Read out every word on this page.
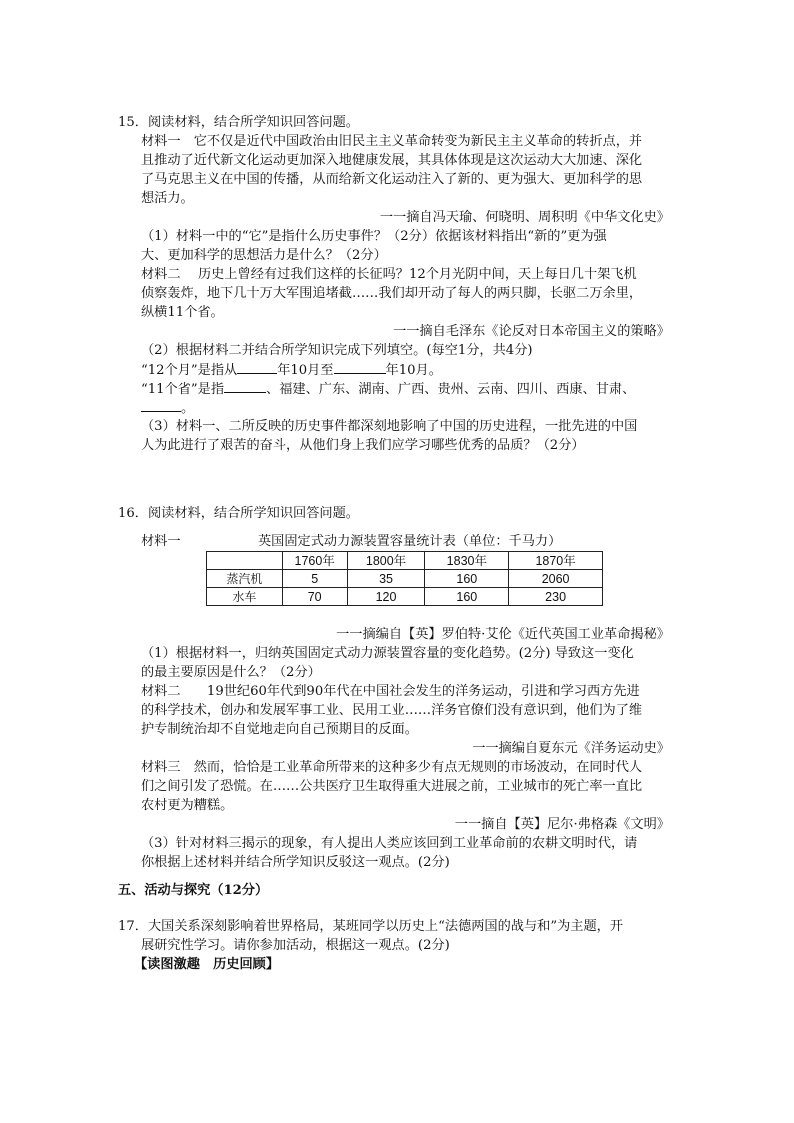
15．阅读材料，结合所学知识回答问题。
材料一　它不仅是近代中国政治由旧民主主义革命转变为新民主主义革命的转折点，并
且推动了近代新文化运动更加深入地健康发展，其具体体现是这次运动大大加速、深化
了马克思主义在中国的传播，从而给新文化运动注入了新的、更为强大、更加科学的思
想活力。
一一摘自冯天瑜、何晓明、周积明《中华文化史》
（1）材料一中的“它”是指什么历史事件？（2分）依据该材料指出“新的”更为强
大、更加科学的思想活力是什么？（2分）
材料二　 历史上曾经有过我们这样的长征吗？12个月光阴中间，天上每日几十架飞机
侦察轰炸，地下几十万大军围追堵截……我们却开动了每人的两只脚，长驱二万余里，
纵横11个省。
一一摘自毛泽东《论反对日本帝国主义的策略》
（2）根据材料二并结合所学知识完成下列填空。(每空1分，共4分)
“12个月”是指从	年10月至	年10月。
“11个省”是指	、福建、广东、湖南、广西、贵州、云南、四川、西康、甘肃、
。
（3）材料一、二所反映的历史事件都深刻地影响了中国的历史进程，一批先进的中国
人为此进行了艰苦的奋斗，从他们身上我们应学习哪些优秀的品质？（2分）
16．阅读材料，结合所学知识回答问题。
材料一	英国固定式动力源装置容量统计表（单位：千马力）
	1760年	1800年	1830年	1870年
蒸汽机	5	35	160	2060
水车	70	120	160	230
一一摘编自【英】罗伯特·艾伦《近代英国工业革命揭秘》
（1）根据材料一，归纳英国固定式动力源装置容量的变化趋势。(2分) 导致这一变化
的最主要原因是什么？（2分）
材料二　　19世纪60年代到90年代在中国社会发生的洋务运动，引进和学习西方先进
的科学技术，创办和发展军事工业、民用工业……洋务官僚们没有意识到，他们为了维
护专制统治却不自觉地走向自己预期目的反面。
一一摘编自夏东元《洋务运动史》
材料三　然而，恰恰是工业革命所带来的这种多少有点无规则的市场波动，在同时代人
们之间引发了恐慌。在……公共医疗卫生取得重大进展之前，工业城市的死亡率一直比
农村更为糟糕。
一一摘自【英】尼尔·弗格森《文明》
（3）针对材料三揭示的现象，有人提出人类应该回到工业革命前的农耕文明时代，请
你根据上述材料并结合所学知识反驳这一观点。(2分)
五、活动与探究（12分）
17．大国关系深刻影响着世界格局，某班同学以历史上“法德两国的战与和”为主题，开
展研究性学习。请你参加活动，根据这一观点。(2分)
【读图激趣　历史回顾】
